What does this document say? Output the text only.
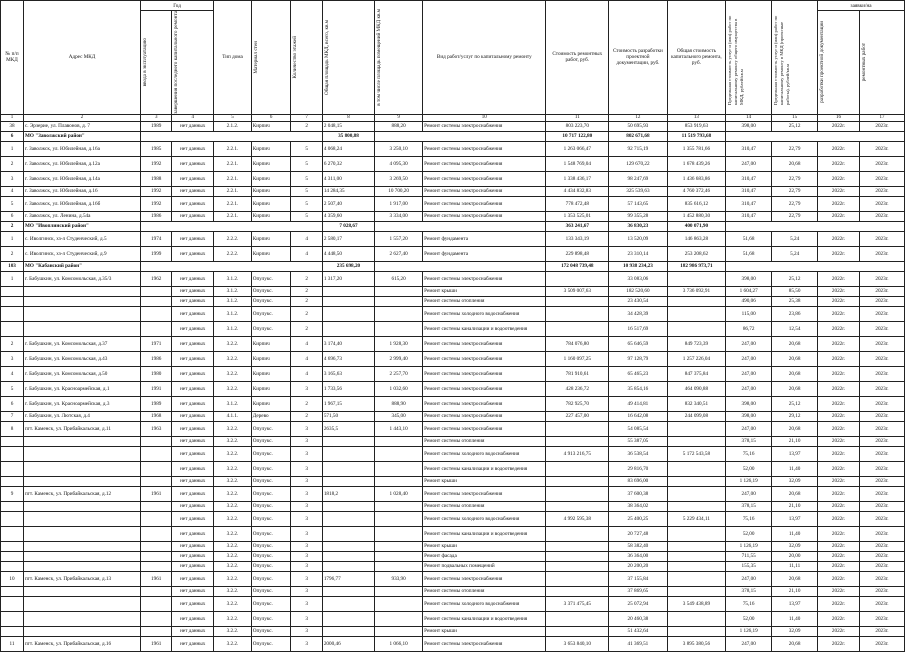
№ п/п МКД	Адрес МКД	Год		Тип дома	Материал стен	Количество этажей	Общая площадь МКД, всего, кв.м	в том числе площадь помещений МКД кв.м	Вид работ/услуг по капитальному ремонту	Стоимость ремонтных работ, руб.	Стоимость разработки проектной документации, руб.	Общая стоимость капитального ремонта, руб.	Предельная стоимость услуг и (или) работ по капитальному ремонту общего имущества в МКД, рублей/кв.м	Предельная стоимость услуг и (или) работ по капитальному ремонту в МКД (проектные работы), рублей/кв.м	заявки/на	

		ввода в эксплуатацию	завершения последнего капитального ремонта												разработки проектной документации	ремонтных работ

1	2	3	4	5	6	7	8	9	10	11	12	13	14	15	16	17
38	с. Эрзерие, ул. Плавонов, д. 7	1989	нет данных	2.1.2.	Кирпич	2	2 048,15	888,20	Ремонт системы электроснабжения	803 223,70	50 695,93	853 919,63	398,00	25,12	2022г.	2023г.
6	МО "Заволжский район"						35 800,88			10 717 122,80	802 671,68	11 519 793,68				
1	г. Заволжск, ул. Юбилейная, д.16а	1985	нет данных	2.2.1.	Кирпич	5	4 068,24	3 250,10	Ремонт системы электроснабжения	1 263 066,47	92 715,19	1 355 781,66	310,47	22,79	2022г.	2023г.
2	г. Заволжск, ул. Юбилейная, д.12а	1992	нет данных	2.2.1.	Кирпич	5	6 270,32	4 095,30	Ремонт системы электроснабжения	1 548 769,04	129 670,22	1 678 439,26	247,00	20,68	2022г.	2023г.
3	г. Заволжск, ул. Юбилейная, д.14а	1988	нет данных	2.2.1.	Кирпич	5	4 311,00	3 269,50	Ремонт системы электроснабжения	1 338 436,17	98 247,69	1 436 683,86	310,47	22,79	2022г.	2023г.
4	г. Заволжск, ул. Юбилейная, д.16	1992	нет данных	2.2.1.	Кирпич	5	14 284,35	10 700,20	Ремонт системы электроснабжения	4 434 832,83	325 539,63	4 760 372,46	310,47	22,79	2022г.	2023г.
5	г. Заволжск, ул. Юбилейная, д.16б	1992	нет данных	2.2.1.	Кирпич	5	2 507,40	1 917,00	Ремонт системы электроснабжения	778 472,48	57 143,65	835 616,12	310,47	22,79	2022г.	2023г.
6	г. Заволжск, ул. Ленина, д.54а	1986	нет данных	2.2.1.	Кирпич	5	4 359,60	3 334,00	Ремонт системы электроснабжения	1 353 525,01	99 355,28	1 452 880,30	310,47	22,79	2022г.	2023г.
2	МО "Ивоплинский район"						7 028,67			363 241,67	36 830,23	400 071,90				
1	с. Иволгинск, хз-л Студенческий, д.5	1974	нет данных	2.2.2.	Кирпич	4	2 580,17	1 557,20	Ремонт фундамента	133 343,19	13 520,09	146 863,28	51,68	5,24	2022г.	2023г.
2	с. Иволгинск, хз-л Студенческий, д.9	1999	нет данных	2.2.2.	Кирпич	4	4 448,50	2 627,40	Ремонт фундамента	229 898,48	23 310,14	253 208,62	51,68	5,24	2022г.	2023г.
103	МО "Кабанский район"						235 698,20			172 048 739,48	10 938 234,23	182 986 973,71				
1	г. Бабушкин, ул. Комсомольская, д.35/3	1962	нет данных	3.1.2.	Опулукс.	2	1 317,20	615,20	Ремонт системы электроснабжения		33 083,06		398,00	25,12	2022г.	2023г.
			нет данных	3.1.2.	Опулукс.	2			Ремонт крыши	3 509 007,63	182 520,60	3 736 092,91	1 604,27	85,50	2022г.	2023г.
			нет данных	3.1.2.	Опулукс.	2			Ремонт системы отопления		23 430,54		490,06	25,38	2022г.	2023г.
			нет данных	3.1.2.	Опулукс.	2			Ремонт системы холодного водоснабжения		34 428,39		115,00	23,86	2022г.	2023г.
			нет данных	3.1.2.	Опулукс.	2			Ремонт системы канализации и водоотведения		16 517,69		86,72	12,54	2022г.	2023г.
2	г. Бабушкин, ул. Комсомольская, д.37	1971	нет данных	3.2.2.	Кирпич	4	3 174,40	1 928,30	Ремонт системы электроснабжения	784 076,80	65 646,59	849 723,39	247,00	20,68	2022г.	2023г.
3	г. Бабушкин, ул. Комсомольская, д.43	1986	нет данных	3.2.2.	Кирпич	4	4 696,73	2 999,40	Ремонт системы электроснабжения	1 160 097,25	97 128,79	1 257 226,04	247,00	20,68	2022г.	2023г.
4	г. Бабушкин, ул. Комсомольская, д.50	1980	нет данных	3.2.2.	Кирпич	4	3 165,63	2 257,70	Ремонт системы электроснабжения	781 910,61	65 465,23	847 375,84	247,00	20,68	2022г.	2023г.
5	г. Бабушкин, ул. Красноармейская, д.1	1991	нет данных	3.2.2.	Кирпич	3	1 733,56	1 032,60	Ремонт системы электроснабжения	428 236,72	35 854,16	464 090,88	247,00	20,68	2022г.	2023г.
6	г. Бабушкин, ул. Красноармейская, д.3	1989	нет данных	3.1.2.	Кирпич	2	1 967,15	888,90	Ремонт системы электроснабжения	782 925,70	49 414,81	832 340,51	398,00	25,12	2022г.	2023г.
7	г. Бабушкин, ул. Лютская, д.4	1968	нет данных	4.1.1.	Дерево	2	571,50	345,00	Ремонт системы электроснабжения	227 457,00	16 642,08	244 099,08	398,00	29,12	2022г.	2023г.
8	пгт. Каменск, ул. Прибайкальская, д.11	1963	нет данных	3.2.2.	Опулукс.	3	2635,5	1 443,10	Ремонт системы электроснабжения		54 085,54		247,00	20,68	2022г.	2023г.
			нет данных	3.2.2.	Опулукс.	3			Ремонт системы отопления		55 387,05		378,15	21,10	2022г.	2023г.
			нет данных	3.2.2.	Опулукс.	3			Ремонт системы холодного водоснабжения	4 913 216,75	36 538,54	5 172 543,58	75,16	13,97	2022г.	2023г.
			нет данных	3.2.2.	Опулукс.	3			Ремонт системы канализации и водоотведения		29 816,70		52,00	11,40	2022г.	2023г.
			нет данных	3.2.2.	Опулукс.	3			Ремонт крыши		83 696,00		1 126,19	32,09	2022г.	2023г.
9	пгт. Каменск, ул. Прибайкальская, д.12	1961	нет данных	3.2.2.	Опулукс.	3	1818,2	1 028,40	Ремонт системы электроснабжения		37 600,38		247,00	20,68	2022г.	2023г.
			нет данных	3.2.2.	Опулукс.	3			Ремонт системы отопления		38 364,02		378,15	21,10	2022г.	2023г.
			нет данных	3.2.2.	Опулукс.	3			Ремонт системы холодного водоснабжения	4 992 595,38	25 400,25	5 229 434,11	75,16	13,97	2022г.	2023г.
			нет данных	3.2.2.	Опулукс.	3			Ремонт системы канализации и водоотведения		20 727,48		52,00	11,40	2022г.	2023г.
			нет данных	3.2.2.	Опулукс.	3			Ремонт крыши		58 382,40		1 126,19	32,09	2022г.	2023г.
			нет данных	3.2.2.	Опулукс.	3			Ремонт фасада		36 364,00		711,55	20,00	2022г.	2023г.
			нет данных	3.2.2.	Опулукс.	3			Ремонт подвальных помещений		20 200,20		155,35	11,11	2022г.	2023г.
10	пгт. Каменск, ул. Прибайкальская, д.13	1961	нет данных	3.2.2.	Опулукс.	3	1796,77	933,90	Ремонт системы электроснабжения		37 155,84		247,00	20,68	2022г.	2023г.
			нет данных	3.2.2.	Опулукс.	3			Ремонт системы отопления		37 869,65		378,15	21,10	2022г.	2023г.
			нет данных	3.2.2.	Опулукс.	3			Ремонт системы холодного водоснабжения	3 371 475,45	25 072,94	3 549 438,89	75,16	13,97	2022г.	2023г.
			нет данных	3.2.2.	Опулукс.	3			Ремонт системы канализации и водоотведения		20 460,38		52,00	11,40	2022г.	2023г.
			нет данных	3.2.2.	Опулукс.	3			Ремонт крыши		51 432,64		1 126,19	32,09	2022г.	2023г.
11	пгт. Каменск, ул. Прибайкальская, д.16	1961	нет данных	3.2.2.	Опулукс.	3	2000,46	1 066,10	Ремонт системы электроснабжения	3 653 840,10	41 369,51	3 895 380,56	247,00	20,68	2022г.	2023г.
